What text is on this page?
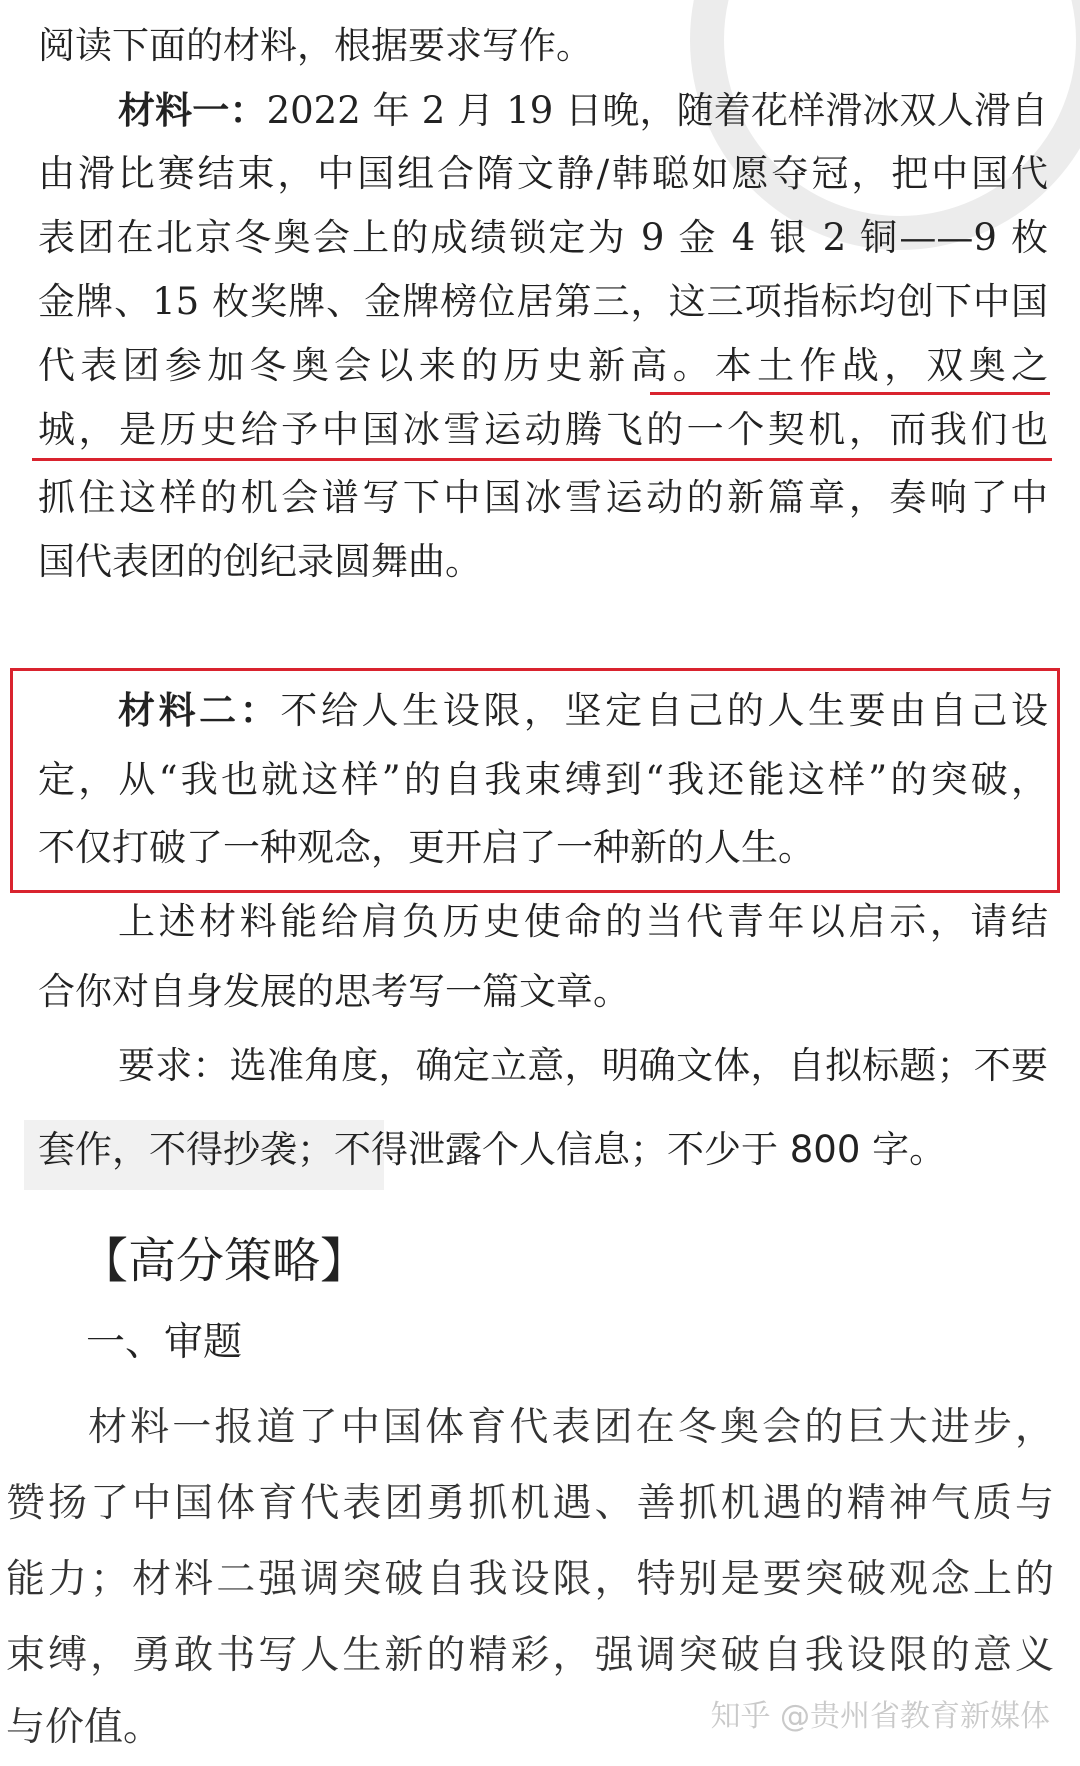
阅读下面的材料，根据要求写作。
材料一：2022 年 2 月 19 日晚，随着花样滑冰双人滑自
由滑比赛结束，中国组合隋文静/韩聪如愿夺冠，把中国代
表团在北京冬奥会上的成绩锁定为 9 金 4 银 2 铜——9 枚
金牌、15 枚奖牌、金牌榜位居第三，这三项指标均创下中国
代表团参加冬奥会以来的历史新高。本土作战，双奥之
城，是历史给予中国冰雪运动腾飞的一个契机，而我们也
抓住这样的机会谱写下中国冰雪运动的新篇章，奏响了中
国代表团的创纪录圆舞曲。
材料二：不给人生设限，坚定自己的人生要由自己设
定，从“我也就这样”的自我束缚到“我还能这样”的突破，
不仅打破了一种观念，更开启了一种新的人生。
上述材料能给肩负历史使命的当代青年以启示，请结
合你对自身发展的思考写一篇文章。
要求：选准角度，确定立意，明确文体，自拟标题；不要
套作，不得抄袭；不得泄露个人信息；不少于 800 字。
【高分策略】
一、审题
材料一报道了中国体育代表团在冬奥会的巨大进步，
赞扬了中国体育代表团勇抓机遇、善抓机遇的精神气质与
能力；材料二强调突破自我设限，特别是要突破观念上的
束缚，勇敢书写人生新的精彩，强调突破自我设限的意义
与价值。	知乎 @贵州省教育新媒体
